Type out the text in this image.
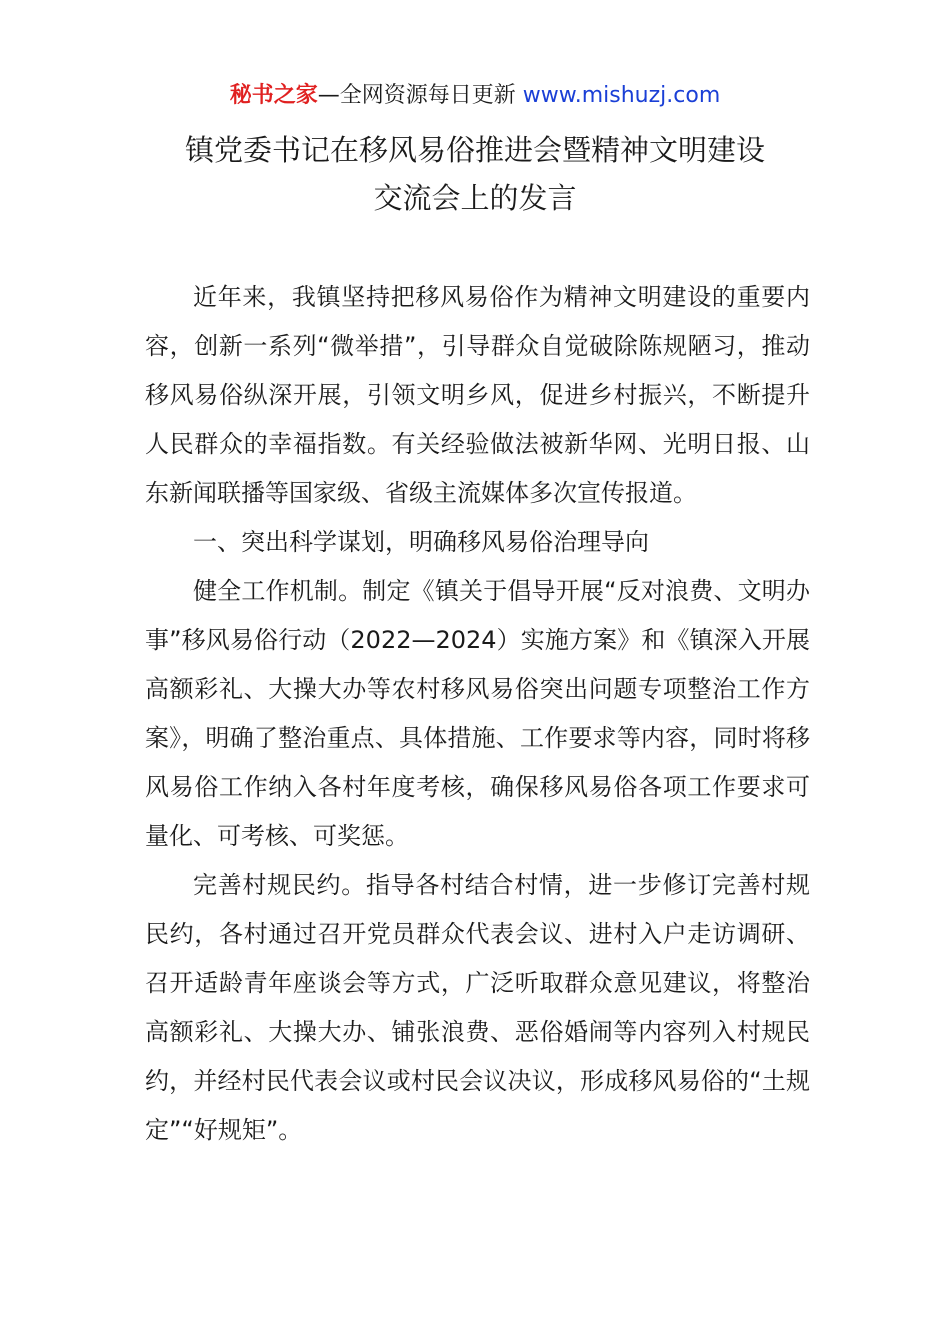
秘书之家—全网资源每日更新 www.mishuzj.com
镇党委书记在移风易俗推进会暨精神文明建设
交流会上的发言

近年来，我镇坚持把移风易俗作为精神文明建设的重要内容，创新一系列“微举措”，引导群众自觉破除陈规陋习，推动移风易俗纵深开展，引领文明乡风，促进乡村振兴，不断提升人民群众的幸福指数。有关经验做法被新华网、光明日报、山东新闻联播等国家级、省级主流媒体多次宣传报道。

一、突出科学谋划，明确移风易俗治理导向

健全工作机制。制定《镇关于倡导开展“反对浪费、文明办事”移风易俗行动（2022—2024）实施方案》和《镇深入开展高额彩礼、大操大办等农村移风易俗突出问题专项整治工作方案》，明确了整治重点、具体措施、工作要求等内容，同时将移风易俗工作纳入各村年度考核，确保移风易俗各项工作要求可量化、可考核、可奖惩。

完善村规民约。指导各村结合村情，进一步修订完善村规民约，各村通过召开党员群众代表会议、进村入户走访调研、召开适龄青年座谈会等方式，广泛听取群众意见建议，将整治高额彩礼、大操大办、铺张浪费、恶俗婚闹等内容列入村规民约，并经村民代表会议或村民会议决议，形成移风易俗的“土规定”“好规矩”。
